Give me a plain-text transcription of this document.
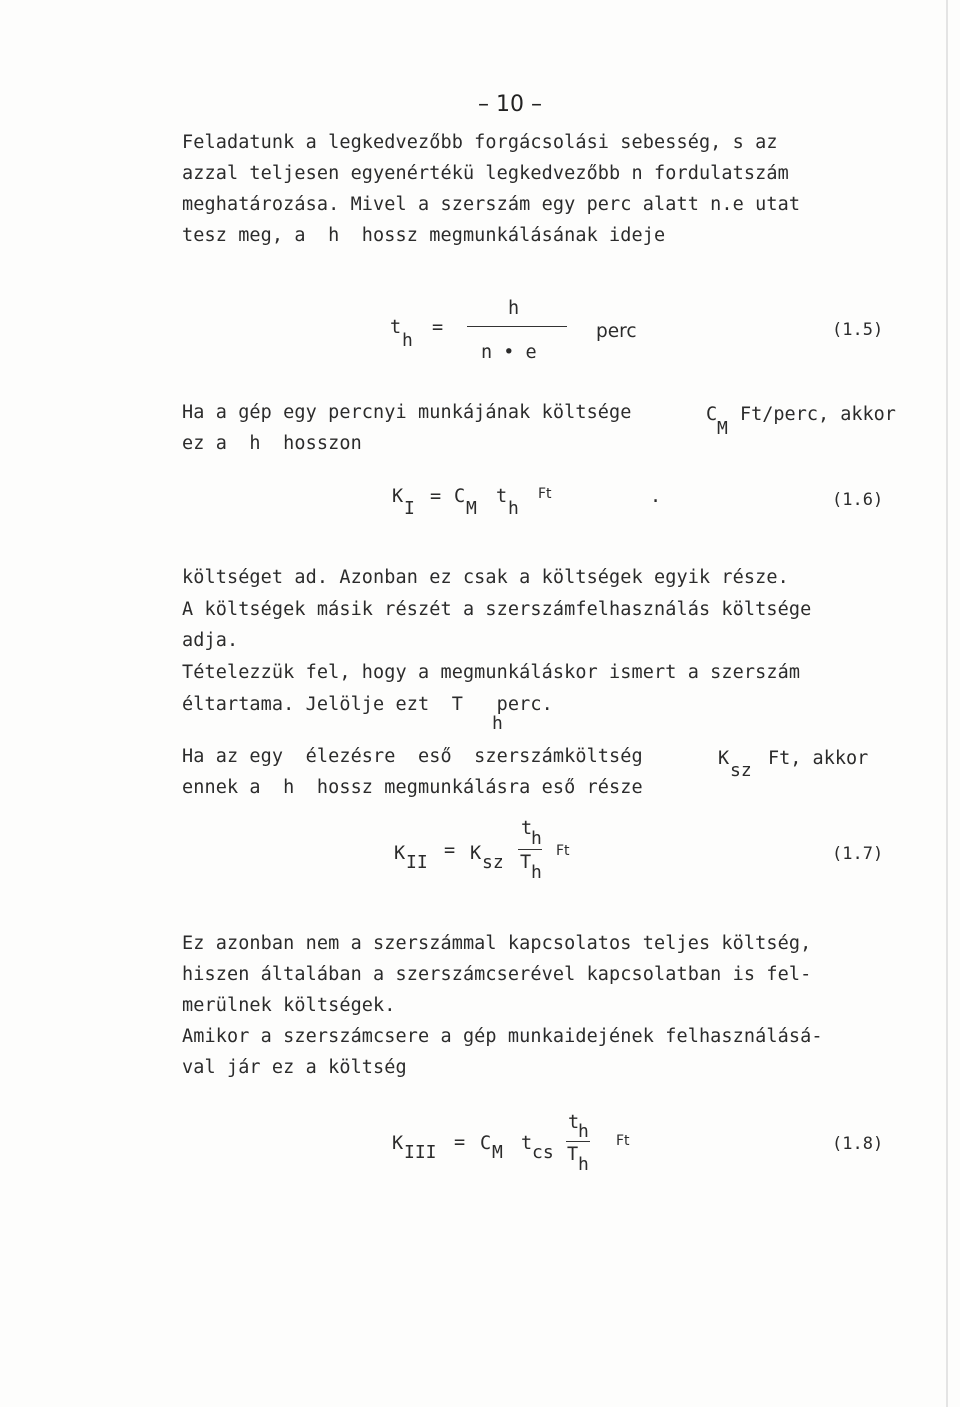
– 10 –
Feladatunk a legkedvezőbb forgácsolási sebesség, s az
azzal teljesen egyenértékü legkedvezőbb n fordulatszám
meghatározása. Mivel a szerszám egy perc alatt n.e utat
tesz meg, a  h  hossz megmunkálásának ideje
h
t
h
=
n • e
perc	(1.5)
Ha a gép egy percnyi munkájának költsége
ez a  h  hosszon
C
M
Ft/perc, akkor
K
I
= C
M
t
h
Ft	.	(1.6)
költséget ad. Azonban ez csak a költségek egyik része.
A költségek másik részét a szerszámfelhasználás költsége
adja.
Tételezzük fel, hogy a megmunkáláskor ismert a szerszám
éltartama. Jelölje ezt  T   perc.
h
Ha az egy  élezésre  eső  szerszámköltség
ennek a  h  hossz megmunkálásra eső része
K
sz
Ft, akkor
K II
= K sz
t
h
T h
Ft	(1.7)
Ez azonban nem a szerszámmal kapcsolatos teljes költség,
hiszen általában a szerszámcserével kapcsolatban is fel-
merülnek költségek.
Amikor a szerszámcsere a gép munkaidejének felhasználásá-
val jár ez a költség
K III = C M t cs
t
h
T h
Ft	(1.8)
